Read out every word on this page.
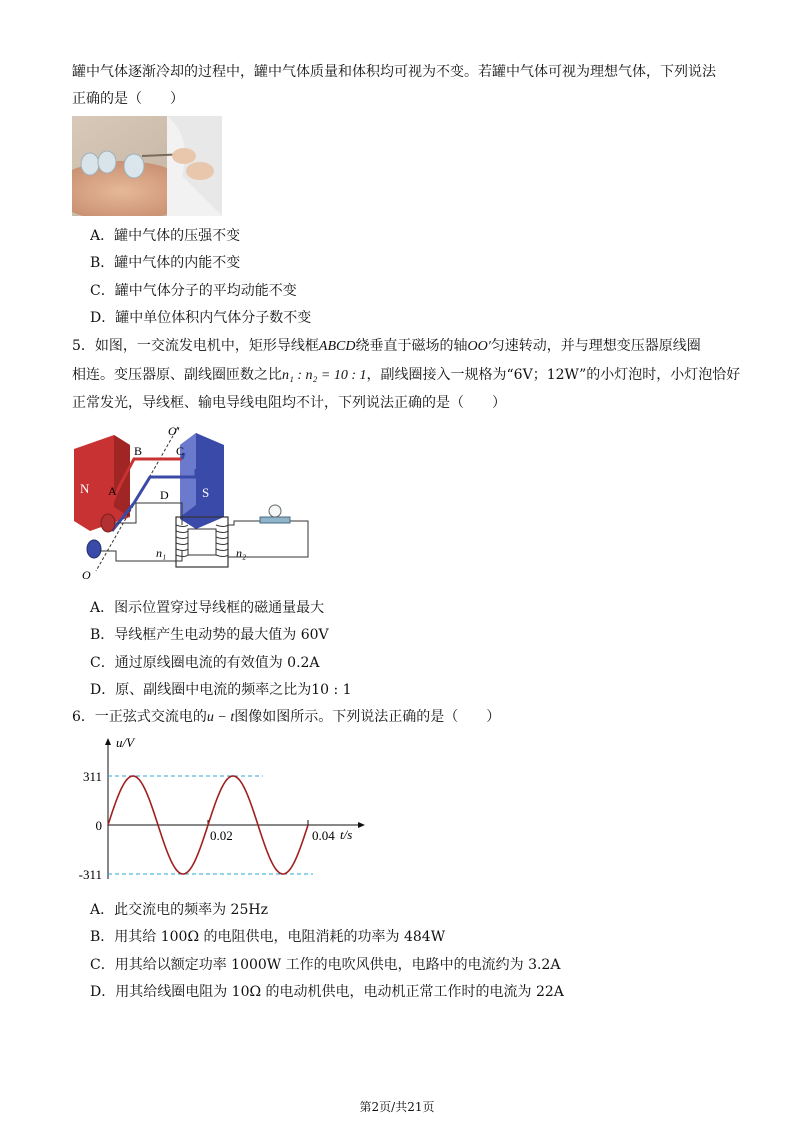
罐中气体逐渐冷却的过程中，罐中气体质量和体积均可视为不变。若罐中气体可视为理想气体，下列说法
正确的是（　　）
A．罐中气体的压强不变
B．罐中气体的内能不变
C．罐中气体分子的平均动能不变
D．罐中单位体积内气体分子数不变
5．如图，一交流发电机中，矩形导线框ABCD绕垂直于磁场的轴OO′匀速转动，并与理想变压器原线圈
相连。变压器原、副线圈匝数之比n₁ : n₂ = 10 : 1，副线圈接入一规格为“6V；12W”的小灯泡时，小灯泡恰好
正常发光，导线框、输电导线电阻均不计，下列说法正确的是（　　）
N	S
B	C
A	D
O′
O
n₁	n₂
A．图示位置穿过导线框的磁通量最大
B．导线框产生电动势的最大值为 60V
C．通过原线圈电流的有效值为 0.2A
D．原、副线圈中电流的频率之比为10 : 1
6．一正弦式交流电的u − t图像如图所示。下列说法正确的是（　　）
u/V
t/s
311
0
-311
0.02	0.04
A．此交流电的频率为 25Hz
B．用其给 100Ω 的电阻供电，电阻消耗的功率为 484W
C．用其给以额定功率 1000W 工作的电吹风供电，电路中的电流约为 3.2A
D．用其给线圈电阻为 10Ω 的电动机供电，电动机正常工作时的电流为 22A
第2页/共21页
